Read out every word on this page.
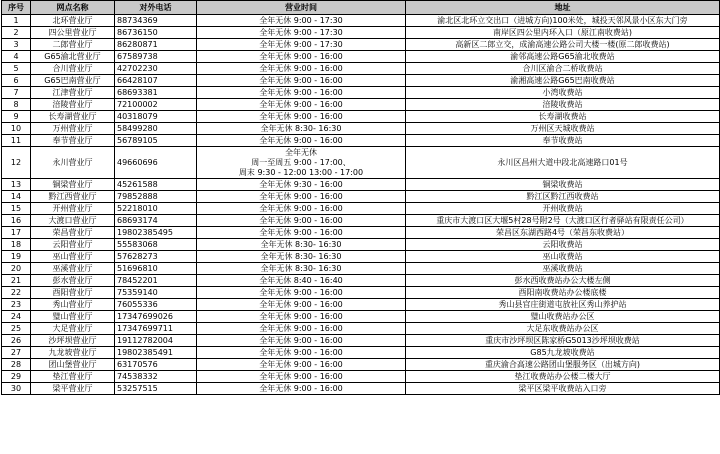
序号	网点名称	对外电话	营业时间	地址
1	北环营业厅	88734369	全年无休 9:00 - 17:30	渝北区北环立交出口（进城方向)100米处，城投天邻风景小区东大门旁
2	四公里营业厅	86736150	全年无休 9:00 - 17:30	南岸区四公里内环入口（原江南收费站)
3	二郎营业厅	86280871	全年无休 9:00 - 17:30	高新区二郎立交，成渝高速公路公司大楼一楼(原二郎收费站)
4	G65渝北营业厅	67589738	全年无休 9:00 - 16:00	渝邻高速公路G65渝北收费站
5	合川营业厅	42702230	全年无休 9:00 - 16:00	合川区渝合二桥收费站
6	G65巴南营业厅	66428107	全年无休 9:00 - 16:00	渝湘高速公路G65巴南收费站
7	江津营业厅	68693381	全年无休 9:00 - 16:00	小湾收费站
8	涪陵营业厅	72100002	全年无休 9:00 - 16:00	涪陵收费站
9	长寿湖营业厅	40318079	全年无休 9:00 - 16:00	长寿湖收费站
10	万州营业厅	58499280	全年无休 8:30- 16:30	万州区天城收费站
11	奉节营业厅	56789105	全年无休 9:00 - 16:00	奉节收费站
12	永川营业厅	49660696	全年无休
周一至周五 9:00 - 17:00、
周末 9:30 - 12:00 13:00 - 17:00	永川区昌州大道中段北高速路口01号
13	铜梁营业厅	45261588	全年无休 9:30 - 16:00	铜梁收费站
14	黔江西营业厅	79852888	全年无休 9:00 - 16:00	黔江区黔江西收费站
15	开州营业厅	52218010	全年无休 9:00 - 16:00	开州收费站
16	大渡口营业厅	68693174	全年无休 9:00 - 16:00	重庆市大渡口区大堰5村28号附2号（大渡口区行者驿站有限责任公司）
17	荣昌营业厅	19802385495	全年无休 9:00 - 16:00	荣昌区东湖西路4号（荣昌东收费站）
18	云阳营业厅	55583068	全年无休 8:30- 16:30	云阳收费站
19	巫山营业厅	57628273	全年无休 8:30- 16:30	巫山收费站
20	巫溪营业厅	51696810	全年无休 8:30- 16:30	巫溪收费站
21	彭水营业厅	78452201	全年无休 8:40 - 16:40	彭水西收费站办公大楼左侧
22	酉阳营业厅	75359140	全年无休 9:00 - 16:00	酉阳南收费站办公楼底楼
23	秀山营业厅	76055336	全年无休 9:00 - 16:00	秀山县官庄街道屯放社区秀山养护站
24	璧山营业厅	17347699026	全年无休 9:00 - 16:00	璧山收费站办公区
25	大足营业厅	17347699711	全年无休 9:00 - 16:00	大足东收费站办公区
26	沙坪坝营业厅	19112782004	全年无休 9:00 - 16:00	重庆市沙坪坝区陈家桥G5013沙坪坝收费站
27	九龙坡营业厅	19802385491	全年无休 9:00 - 16:00	G85九龙坡收费站
28	团山堡营业厅	63170576	全年无休 9:00 - 16:00	重庆渝合高速公路团山堡服务区（出城方向)
29	垫江营业厅	74538332	全年无休 9:00 - 16:00	垫江收费站办公楼二楼大厅
30	梁平营业厅	53257515	全年无休 9:00 - 16:00	梁平区梁平收费站入口旁
